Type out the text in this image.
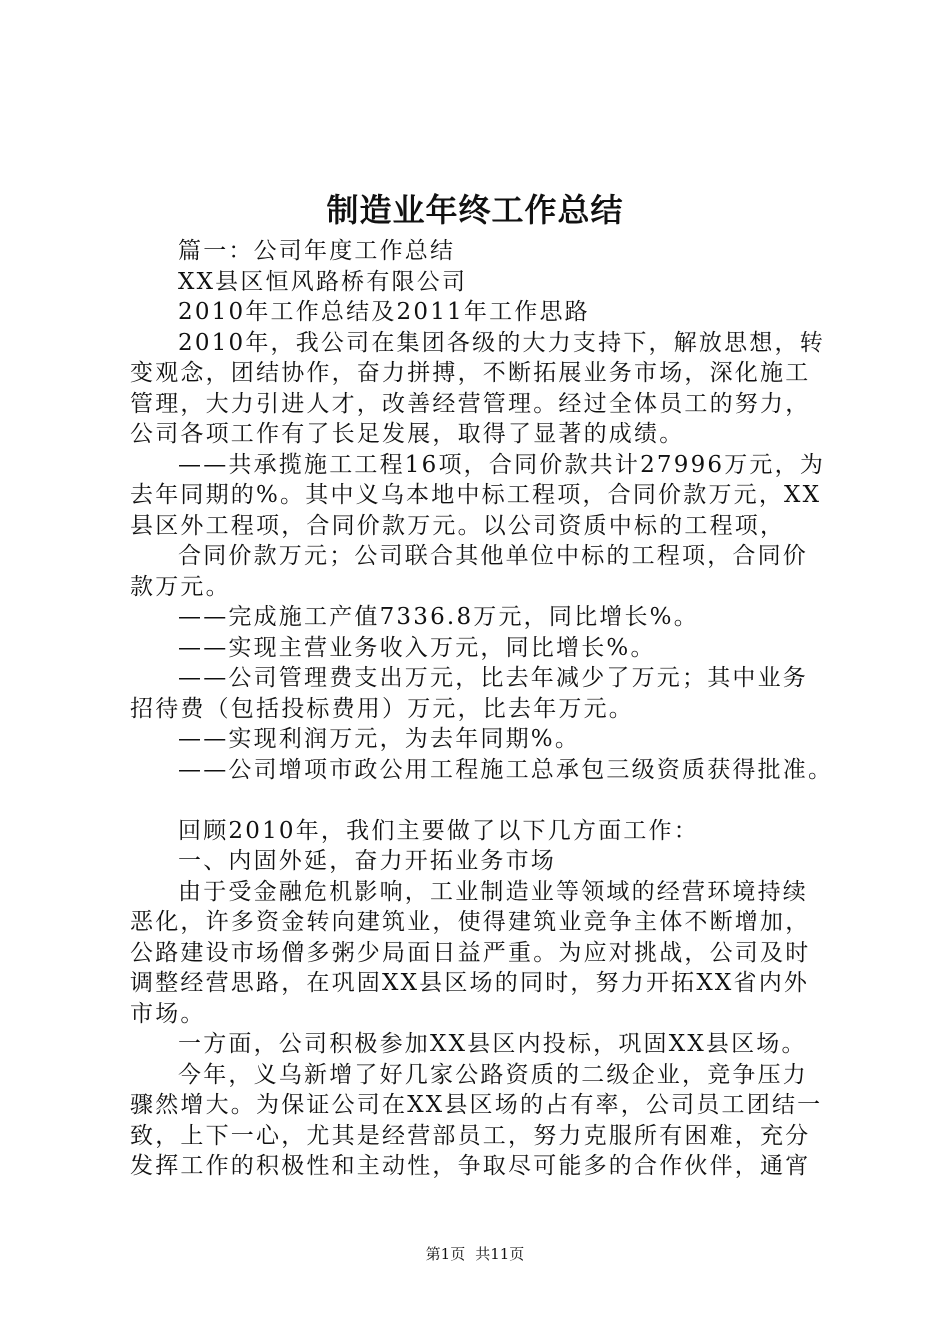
制造业年终工作总结
篇一：公司年度工作总结
XX县区恒风路桥有限公司
2010年工作总结及2011年工作思路
2010年，我公司在集团各级的大力支持下，解放思想，转
变观念，团结协作，奋力拼搏，不断拓展业务市场，深化施工
管理，大力引进人才，改善经营管理。经过全体员工的努力，
公司各项工作有了长足发展，取得了显著的成绩。
——共承揽施工工程16项，合同价款共计27996万元，为
去年同期的%。其中义乌本地中标工程项，合同价款万元，XX
县区外工程项，合同价款万元。以公司资质中标的工程项，
合同价款万元；公司联合其他单位中标的工程项，合同价
款万元。
——完成施工产值7336.8万元，同比增长%。
——实现主营业务收入万元，同比增长%。
——公司管理费支出万元，比去年减少了万元；其中业务
招待费（包括投标费用）万元，比去年万元。
——实现利润万元，为去年同期%。
——公司增项市政公用工程施工总承包三级资质获得批准。
回顾2010年，我们主要做了以下几方面工作：
一、内固外延，奋力开拓业务市场
由于受金融危机影响，工业制造业等领域的经营环境持续
恶化，许多资金转向建筑业，使得建筑业竞争主体不断增加，
公路建设市场僧多粥少局面日益严重。为应对挑战，公司及时
调整经营思路，在巩固XX县区场的同时，努力开拓XX省内外
市场。
一方面，公司积极参加XX县区内投标，巩固XX县区场。
今年，义乌新增了好几家公路资质的二级企业，竞争压力
骤然增大。为保证公司在XX县区场的占有率，公司员工团结一
致，上下一心，尤其是经营部员工，努力克服所有困难，充分
发挥工作的积极性和主动性，争取尽可能多的合作伙伴，通宵
第1页 共11页
